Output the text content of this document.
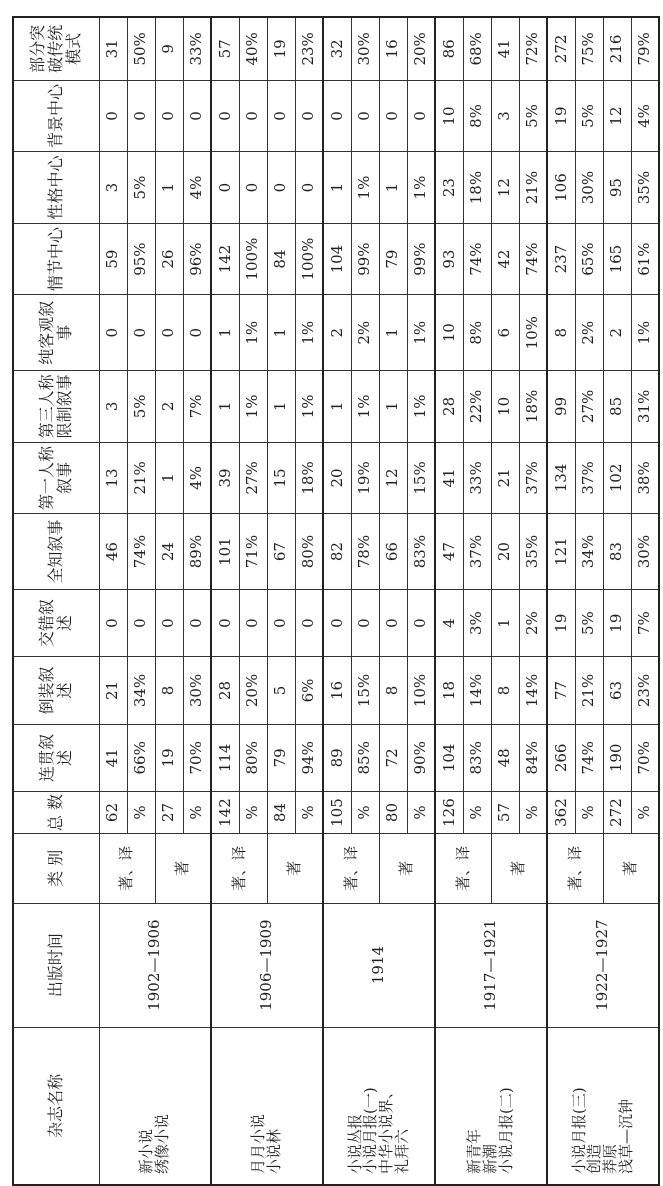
杂志名称	出版时间	类 别	总 数	连贯叙述	倒装叙述	交错叙述	全知叙事	第一人称叙事	第三人称限制叙事	纯客观叙事	情节中心	性格中心	背景中心	部分突破传统模式

新小说
绣像小说	1902—1906	著、译	62	41	21	0	46	13	3	0	59	3	0	31
			%	66%	34%	0	74%	21%	5%	0	95%	5%	0	50%
		著	27	19	8	0	24	1	2	0	26	1	0	9
			%	70%	30%	0	89%	4%	7%	0	96%	4%	0	33%

月月小说
小说林	1906—1909	著、译	142	114	28	0	101	39	1	1	142	0	0	57
			%	80%	20%	0	71%	27%	1%	1%	100%	0	0	40%
		著	84	79	5	0	67	15	1	1	84	0	0	19
			%	94%	6%	0	80%	18%	1%	1%	100%	0	0	23%

小说丛报
小说月报(一)
中华小说界、
礼拜六	1914	著、译	105	89	16	0	82	20	1	2	104	1	0	32
			%	85%	15%	0	78%	19%	1%	2%	99%	1%	0	30%
		著	80	72	8	0	66	12	1	1	79	1	0	16
			%	90%	10%	0	83%	15%	1%	1%	99%	1%	0	20%

新青年
新潮
小说月报(二)	1917—1921	著、译	126	104	18	4	47	41	28	10	93	23	10	86
			%	83%	14%	3%	37%	33%	22%	8%	74%	18%	8%	68%
		著	57	48	8	1	20	21	10	6	42	12	3	41
			%	84%	14%	2%	35%	37%	18%	10%	74%	21%	5%	72%

小说月报(三)
创造
莽原
浅草—沉钟	1922—1927	著、译	362	266	77	19	121	134	99	8	237	106	19	272
			%	74%	21%	5%	34%	37%	27%	2%	65%	30%	5%	75%
		著	272	190	63	19	83	102	85	2	165	95	12	216
			%	70%	23%	7%	30%	38%	31%	1%	61%	35%	4%	79%
